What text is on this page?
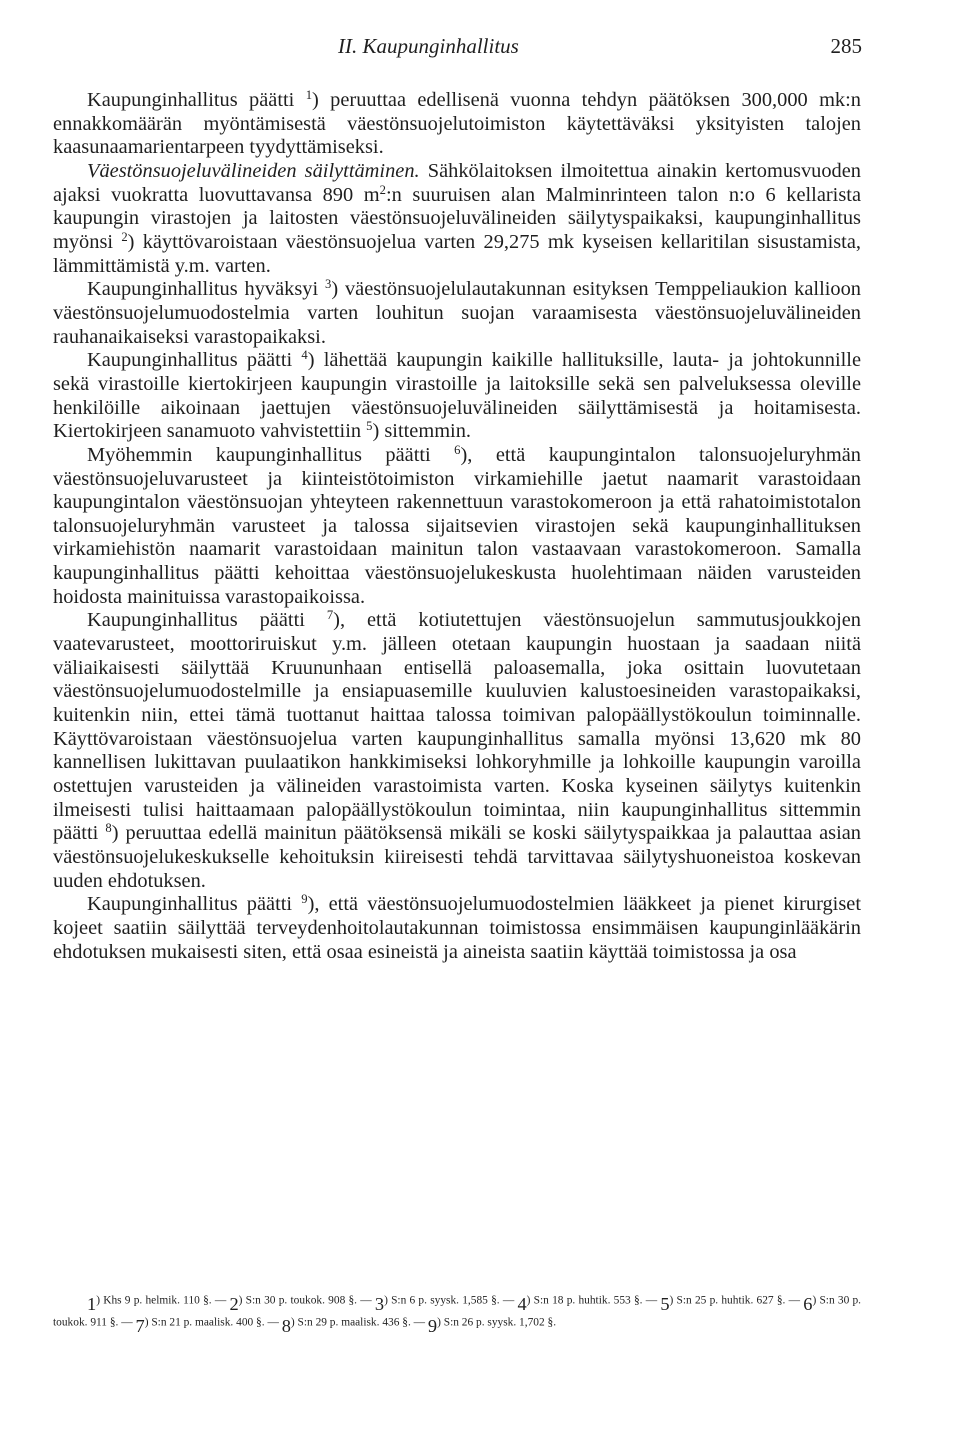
II. Kaupunginhallitus	285

Kaupunginhallitus päätti $^1$) peruuttaa edellisenä vuonna tehdyn päätöksen 300,000 mk:n ennakkomäärän myöntämisestä väestönsuojelutoimiston käytettäväksi yksityisten talojen kaasunaamarientarpeen tyydyttämiseksi.

Väestönsuojeluvälineiden säilyttäminen. Sähkölaitoksen ilmoitettua ainakin kertomusvuoden ajaksi vuokratta luovuttavansa 890 $m^2:n$ suuruisen alan Malminrinteen talon n:o 6 kellarista kaupungin virastojen ja laitosten väestönsuojeluvälineiden säilytyspaikaksi, kaupunginhallitus myönsi $^2$) käyttövaroistaan väestönsuojelua varten 29,275 mk kyseisen kellaritilan sisustamista, lämmittämistä y.m. varten.

Kaupunginhallitus hyväksyi $^3$) väestönsuojelulautakunnan esityksen Temppeliaukion kallioon väestönsuojelumuodostelmia varten louhitun suojan varaamisesta väestönsuojeluvälineiden rauhanaikaiseksi varastopaikaksi.

Kaupunginhallitus päätti $^4$) lähettää kaupungin kaikille hallituksille, lauta- ja johtokunnille sekä virastoille kiertokirjeen kaupungin virastoille ja laitoksille sekä sen palveluksessa oleville henkilöille aikoinaan jaettujen väestönsuojeluvälineiden säilyttämisestä ja hoitamisesta. Kiertokirjeen sanamuoto vahvistettiin $^5$) sittemmin.

Myöhemmin kaupunginhallitus päätti $^6$), että kaupungintalon talonsuojeluryhmän väestönsuojeluvarusteet ja kiinteistötoimiston virkamiehille jaetut naamarit varastoidaan kaupungintalon väestönsuojan yhteyteen rakennettuun varastokomeroon ja että rahatoimistotalon talonsuojeluryhmän varusteet ja talossa sijaitsevien virastojen sekä kaupunginhallituksen virkamiehistön naamarit varastoidaan mainitun talon vastaavaan varastokomeroon. Samalla kaupunginhallitus päätti kehoittaa väestönsuojelukeskusta huolehtimaan näiden varusteiden hoidosta mainituissa varastopaikoissa.

Kaupunginhallitus päätti $^7$), että kotiutettujen väestönsuojelun sammutusjoukkojen vaatevarusteet, moottoriruiskut y.m. jälleen otetaan kaupungin huostaan ja saadaan niitä väliaikaisesti säilyttää Kruununhaan entisellä paloasemalla, joka osittain luovutetaan väestönsuojelumuodostelmille ja ensiapuasemille kuuluvien kalustoesineiden varastopaikaksi, kuitenkin niin, ettei tämä tuottanut haittaa talossa toimivan palopäällystökoulun toiminnalle. Käyttövaroistaan väestönsuojelua varten kaupunginhallitus samalla myönsi 13,620 mk 80 kannellisen lukittavan puulaatikon hankkimiseksi lohkoryhmille ja lohkoille kaupungin varoilla ostettujen varusteiden ja välineiden varastoimista varten. Koska kyseinen säilytys kuitenkin ilmeisesti tulisi haittaamaan palopäällystökoulun toimintaa, niin kaupunginhallitus sittemmin päätti $^8$) peruuttaa edellä mainitun päätöksensä mikäli se koski säilytyspaikkaa ja palauttaa asian väestönsuojelukeskukselle kehoituksin kiireisesti tehdä tarvittavaa säilytyshuoneistoa koskevan uuden ehdotuksen.

Kaupunginhallitus päätti $^9$), että väestönsuojelumuodostelmien lääkkeet ja pienet kirurgiset kojeet saatiin säilyttää terveydenhoitolautakunnan toimistossa ensimmäisen kaupunginlääkärin ehdotuksen mukaisesti siten, että osaa esineistä ja aineista saatiin käyttää toimistossa ja osa

$1^{) Khs 9 p. helmik. 110 \S. —}$ $2^{) S:n 30 p. toukok. 908 \S. —}$ $3^{) S:n 6 p. syysk. 1,585 \S. —}$ $4^{) S:n 18 p. huhtik. 553 \S. —}$ $5^{) S:n 25 p. huhtik. 627 \S. —}$ $6^{) S:n 30 p. toukok. 911 \S. —}$ $7^{) S:n 21 p. maalisk. 400 \S. —}$ $8^{) S:n 29 p. maalisk. 436 \S. —}$ $9^{) S:n 26 p. syysk. 1,702 \S.}$
